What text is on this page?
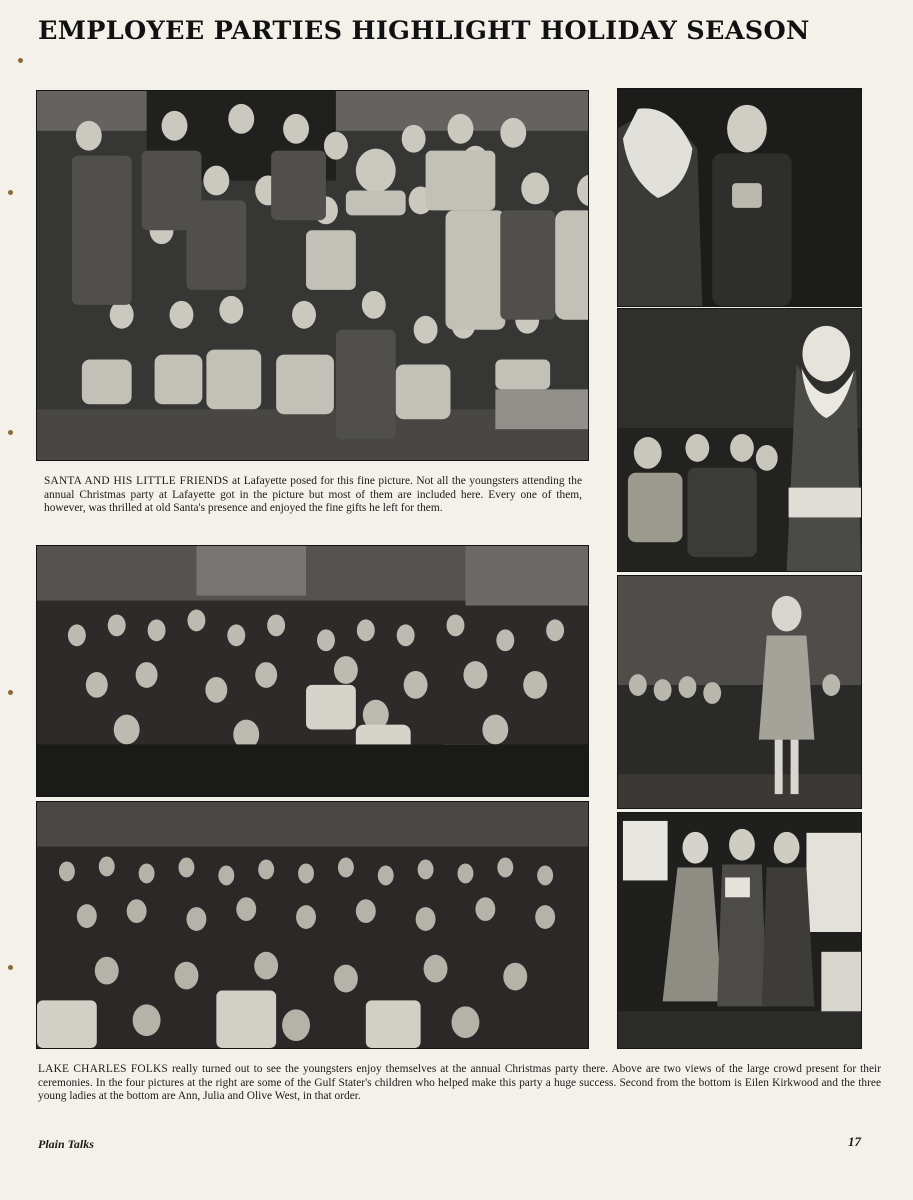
EMPLOYEE PARTIES HIGHLIGHT HOLIDAY SEASON
SANTA AND HIS LITTLE FRIENDS at Lafayette posed for this fine picture. Not all the youngsters attending the annual Christmas party at Lafayette got in the picture but most of them are included here. Every one of them, however, was thrilled at old Santa's presence and enjoyed the fine gifts he left for them.
LAKE CHARLES FOLKS really turned out to see the youngsters enjoy themselves at the annual Christmas party there. Above are two views of the large crowd present for their ceremonies. In the four pictures at the right are some of the Gulf Stater's children who helped make this party a huge success. Second from the bottom is Eilen Kirkwood and the three young ladies at the bottom are Ann, Julia and Olive West, in that order.
Plain Talks	17
